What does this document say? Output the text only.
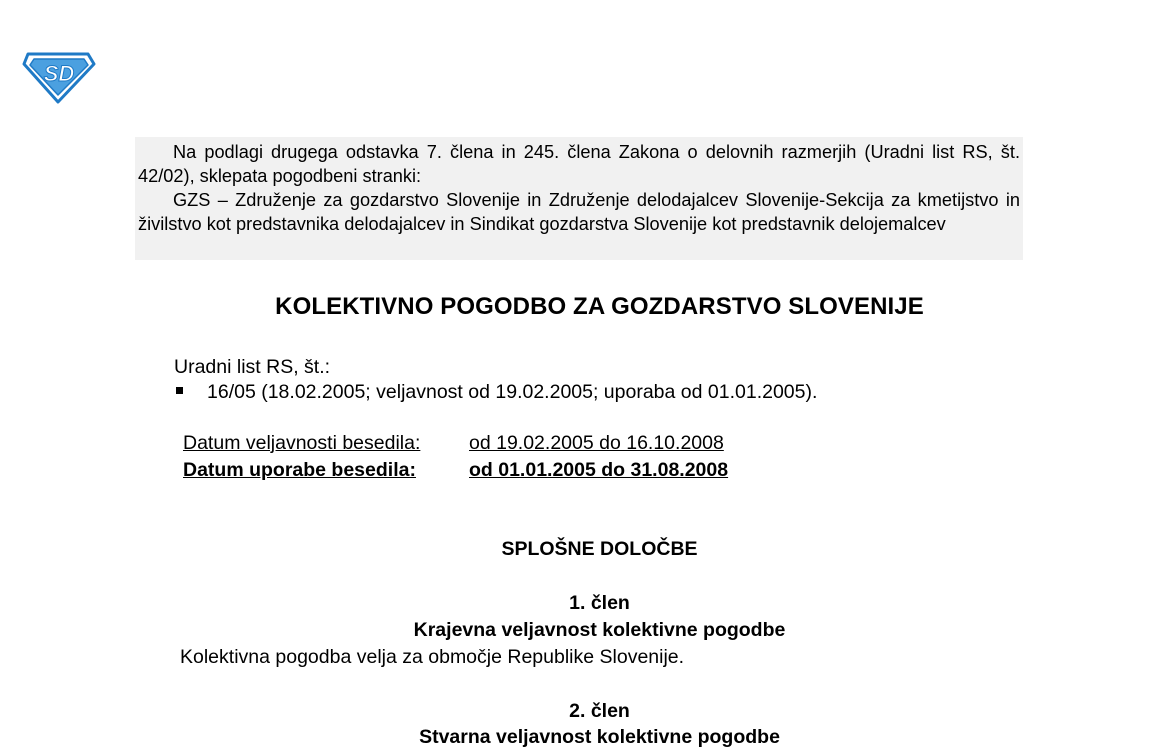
SD

Na podlagi drugega odstavka 7. člena in 245. člena Zakona o delovnih razmerjih (Uradni list RS, št. 42/02), sklepata pogodbeni stranki:

GZS – Združenje za gozdarstvo Slovenije in Združenje delodajalcev Slovenije-Sekcija za kmetijstvo in živilstvo kot predstavnika delodajalcev in Sindikat gozdarstva Slovenije kot predstavnik delojemalcev

KOLEKTIVNO POGODBO ZA GOZDARSTVO SLOVENIJE
Uradni list RS, št.:
16/05 (18.02.2005; veljavnost od 19.02.2005; uporaba od 01.01.2005).
Datum veljavnosti besedila:	od 19.02.2005 do 16.10.2008
Datum uporabe besedila:	od 01.01.2005 do 31.08.2008
SPLOŠNE DOLOČBE
1. člen
Krajevna veljavnost kolektivne pogodbe
Kolektivna pogodba velja za območje Republike Slovenije.
2. člen
Stvarna veljavnost kolektivne pogodbe
